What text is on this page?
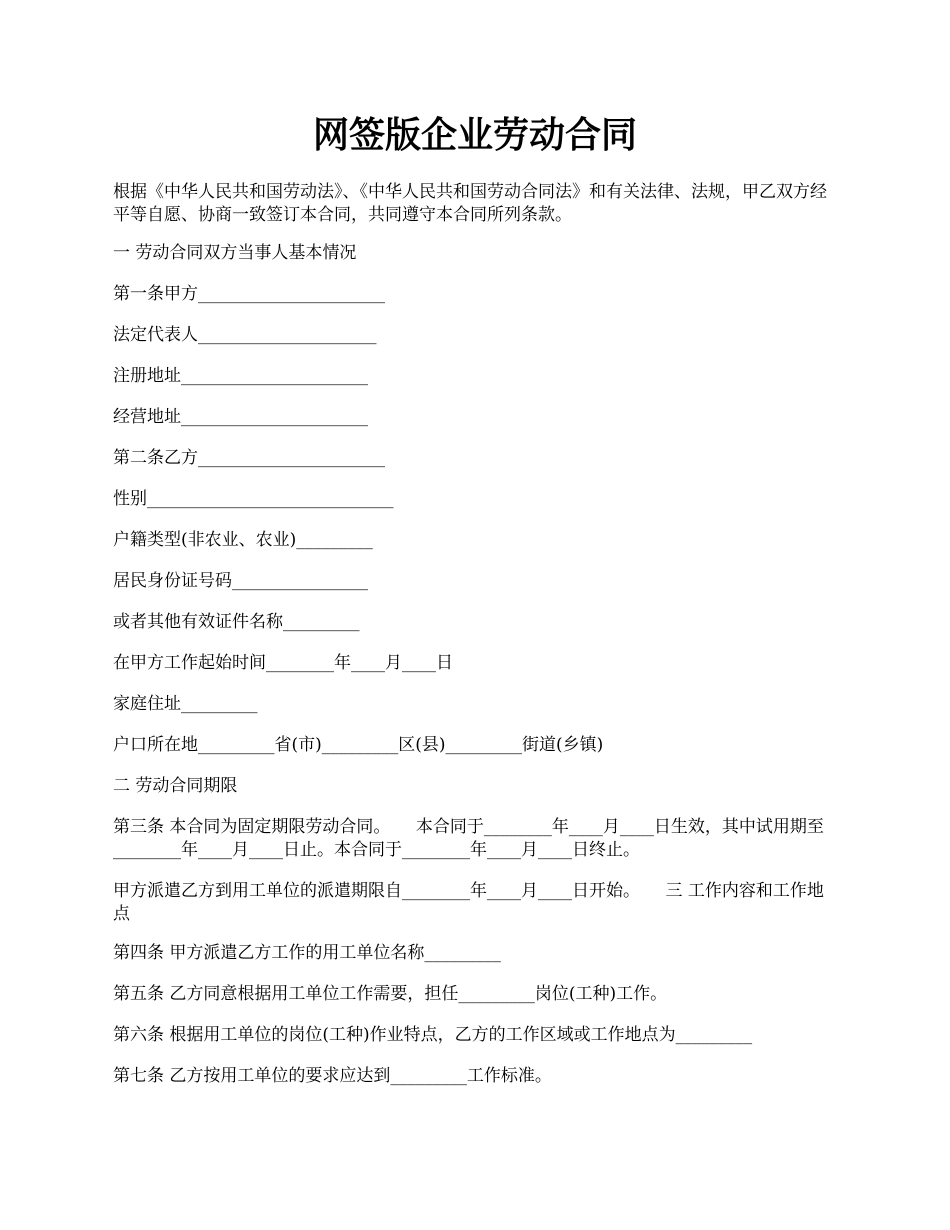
网签版企业劳动合同

根据《中华人民共和国劳动法》、《中华人民共和国劳动合同法》和有关法律、法规，甲乙双方经平等自愿、协商一致签订本合同，共同遵守本合同所列条款。

一 劳动合同双方当事人基本情况

第一条甲方______________________

法定代表人_____________________

注册地址______________________

经营地址______________________

第二条乙方______________________

性别_____________________________

户籍类型(非农业、农业)_________

居民身份证号码________________

或者其他有效证件名称_________

在甲方工作起始时间________年____月____日

家庭住址_________

户口所在地_________省(市)_________区(县)_________街道(乡镇)

二 劳动合同期限

第三条 本合同为固定期限劳动合同。　　本合同于________年____月____日生效，其中试用期至________年____月____日止。本合同于________年____月____日终止。

甲方派遣乙方到用工单位的派遣期限自________年____月____日开始。　　三 工作内容和工作地点

第四条 甲方派遣乙方工作的用工单位名称_________

第五条 乙方同意根据用工单位工作需要，担任_________岗位(工种)工作。

第六条 根据用工单位的岗位(工种)作业特点，乙方的工作区域或工作地点为_________

第七条 乙方按用工单位的要求应达到_________工作标准。
